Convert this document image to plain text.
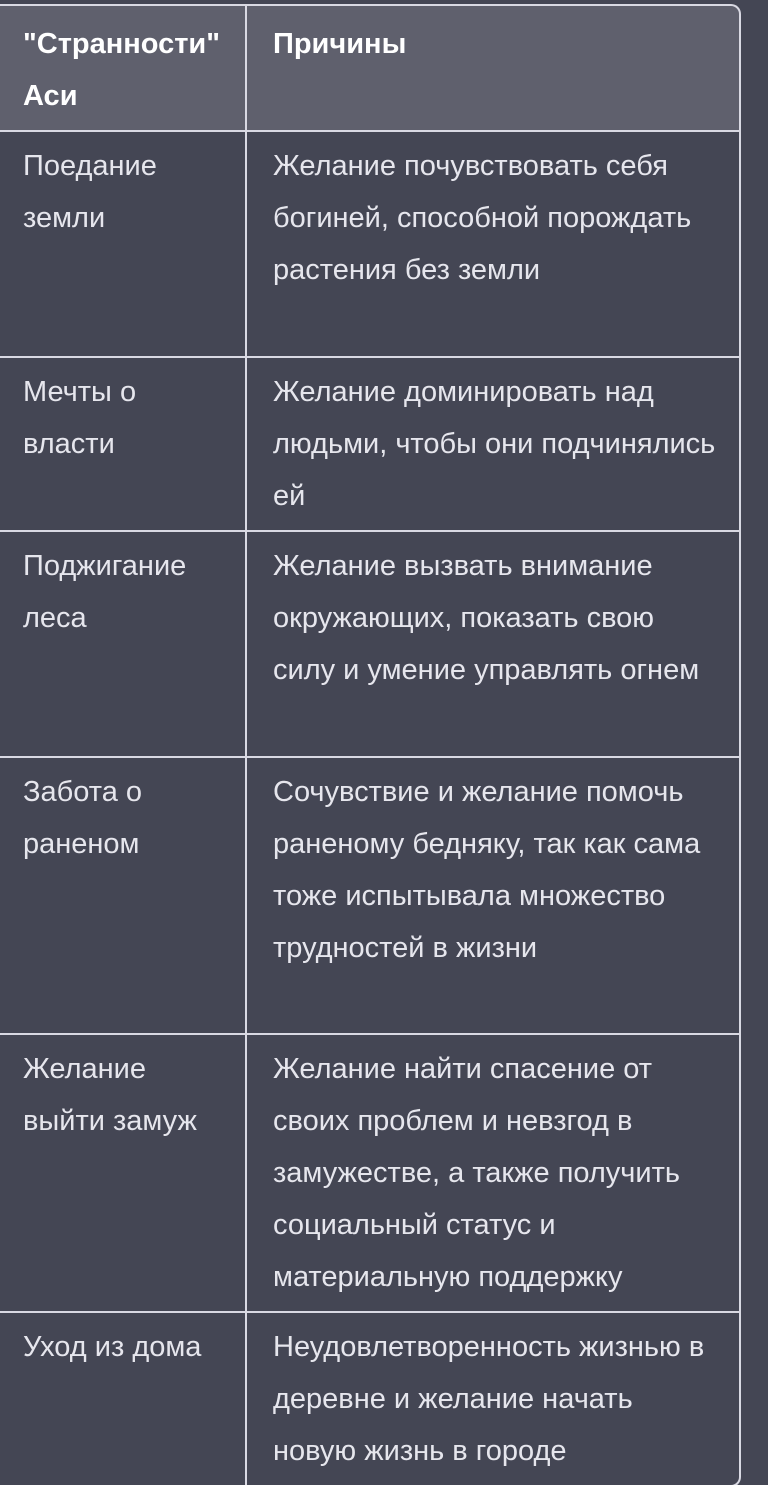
"Странности" Аси	Причины
Поедание земли	Желание почувствовать себя богиней, способной порождать растения без земли
Мечты о власти	Желание доминировать над людьми, чтобы они подчинялись ей
Поджигание леса	Желание вызвать внимание окружающих, показать свою силу и умение управлять огнем
Забота о раненом	Сочувствие и желание помочь раненому бедняку, так как сама тоже испытывала множество трудностей в жизни
Желание выйти замуж	Желание найти спасение от своих проблем и невзгод в замужестве, а также получить социальный статус и материальную поддержку
Уход из дома	Неудовлетворенность жизнью в деревне и желание начать новую жизнь в городе
